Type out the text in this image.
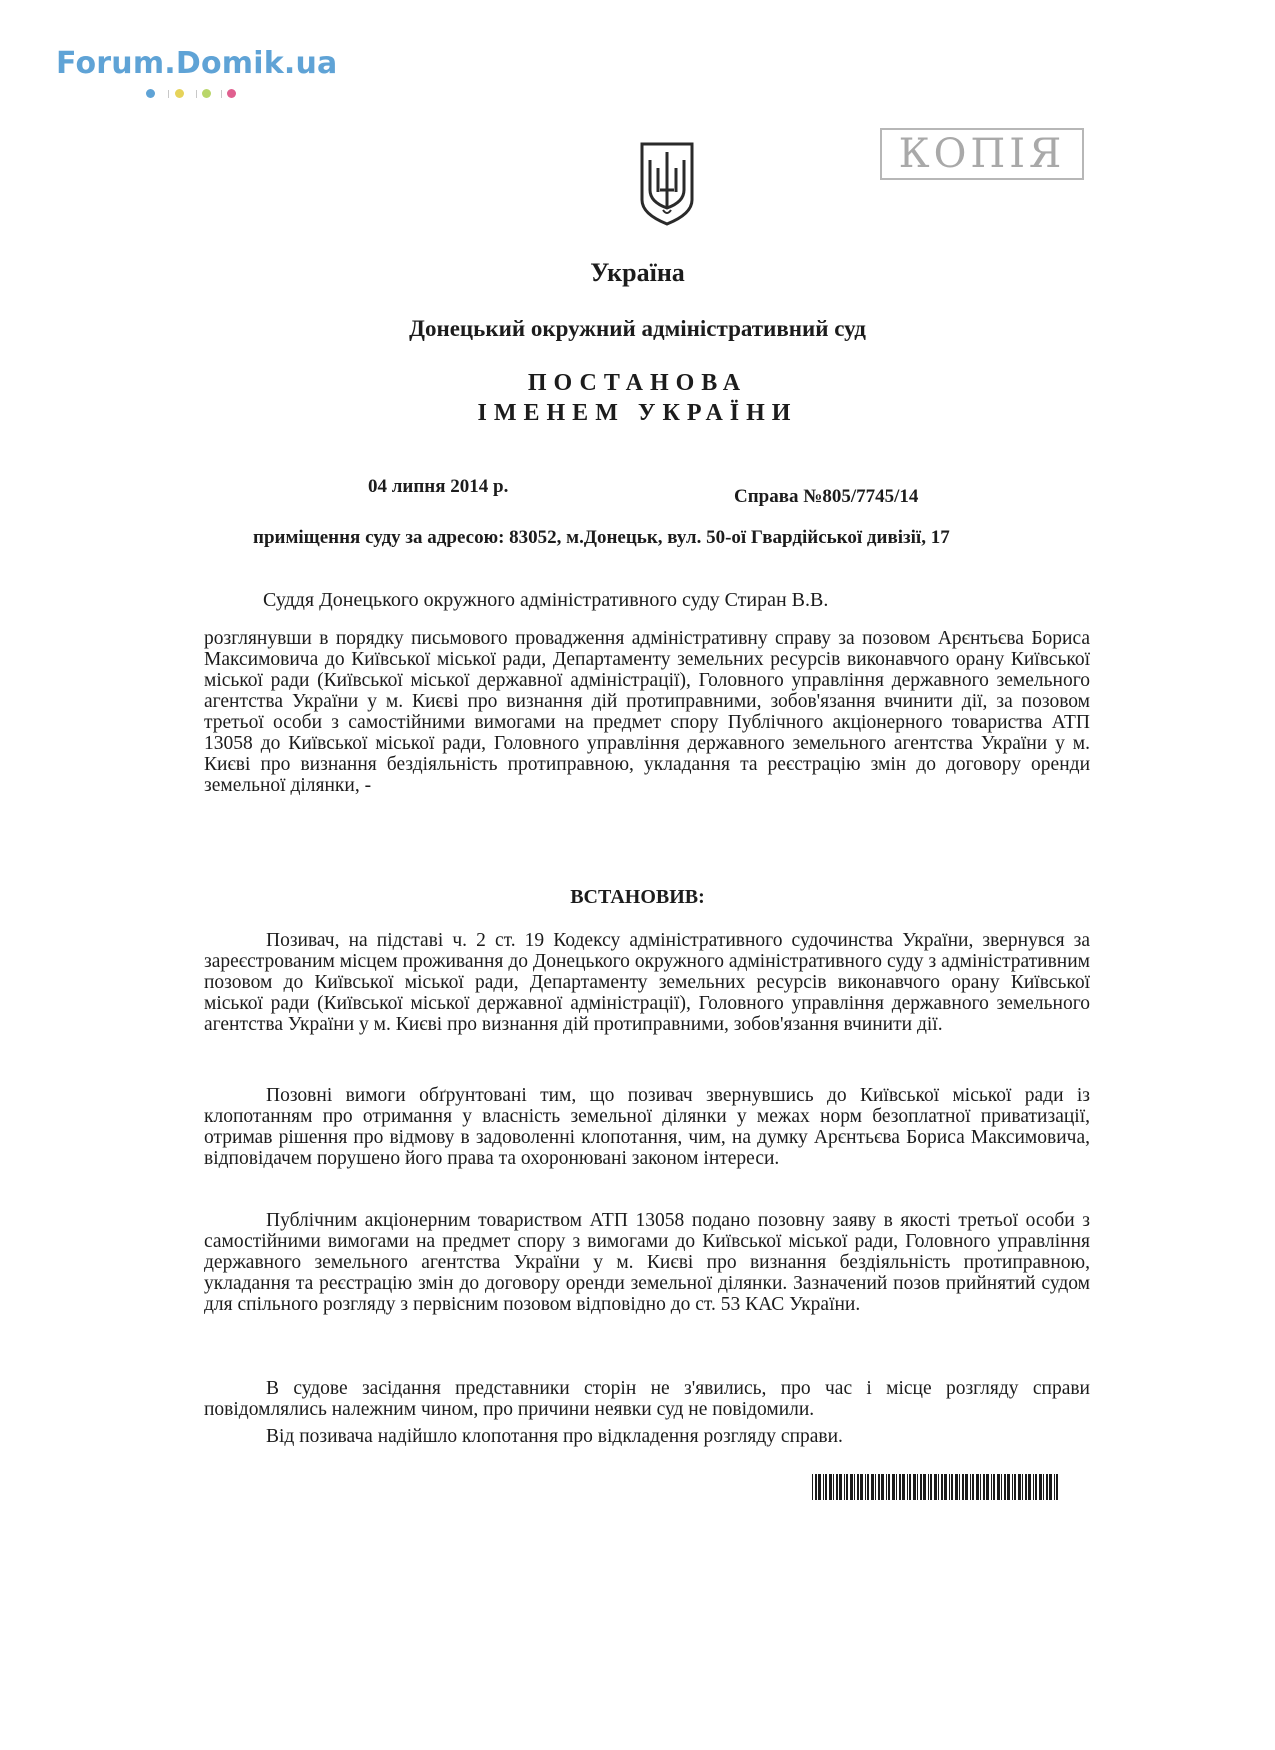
Forum.Domik.ua
КОПІЯ
Україна
Донецький окружний адміністративний суд
ПОСТАНОВА
ІМЕНЕМ УКРАЇНИ
04 липня 2014 р.	Справа №805/7745/14
приміщення суду за адресою: 83052, м.Донецьк, вул. 50-ої Гвардійської дивізії, 17
Суддя Донецького окружного адміністративного суду Стиран В.В.
розглянувши в порядку письмового провадження адміністративну справу за позовом Арєнтьєва Бориса Максимовича до Київської міської ради, Департаменту земельних ресурсів виконавчого орану Київської міської ради (Київської міської державної адміністрації), Головного управління державного земельного агентства України у м. Києві про визнання дій протиправними, зобов'язання вчинити дії, за позовом третьої особи з самостійними вимогами на предмет спору Публічного акціонерного товариства АТП 13058 до Київської міської ради, Головного управління державного земельного агентства України у м. Києві про визнання бездіяльність протиправною, укладання та реєстрацію змін до договору оренди земельної ділянки, -
ВСТАНОВИВ:
Позивач, на підставі ч. 2 ст. 19 Кодексу адміністративного судочинства України, звернувся за зареєстрованим місцем проживання до Донецького окружного адміністративного суду з адміністративним позовом до Київської міської ради, Департаменту земельних ресурсів виконавчого орану Київської міської ради (Київської міської державної адміністрації), Головного управління державного земельного агентства України у м. Києві про визнання дій протиправними, зобов'язання вчинити дії.
Позовні вимоги обґрунтовані тим, що позивач звернувшись до Київської міської ради із клопотанням про отримання у власність земельної ділянки у межах норм безоплатної приватизації, отримав рішення про відмову в задоволенні клопотання, чим, на думку Арєнтьєва Бориса Максимовича, відповідачем порушено його права та охоронювані законом інтереси.
Публічним акціонерним товариством АТП 13058 подано позовну заяву в якості третьої особи з самостійними вимогами на предмет спору з вимогами до Київської міської ради, Головного управління державного земельного агентства України у м. Києві про визнання бездіяльність протиправною, укладання та реєстрацію змін до договору оренди земельної ділянки. Зазначений позов прийнятий судом для спільного розгляду з первісним позовом відповідно до ст. 53 КАС України.
В судове засідання представники сторін не з'явились, про час і місце розгляду справи повідомлялись належним чином, про причини неявки суд не повідомили.
Від позивача надійшло клопотання про відкладення розгляду справи.
